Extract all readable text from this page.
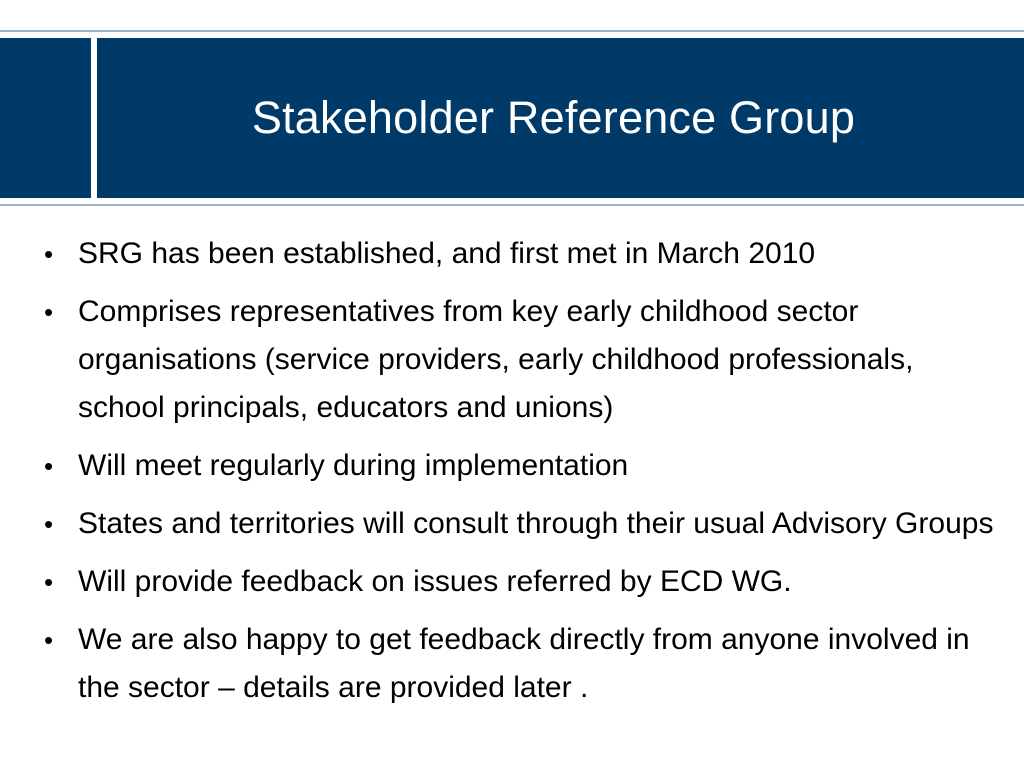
Stakeholder Reference Group
• SRG has been established, and first met in March 2010
• Comprises representatives from key early childhood sector organisations (service providers, early childhood professionals, school principals, educators and unions)
• Will meet regularly during implementation
• States and territories will consult through their usual Advisory Groups
• Will provide feedback on issues referred by ECD WG.
• We are also happy to get feedback directly from anyone involved in the sector – details are provided later .
